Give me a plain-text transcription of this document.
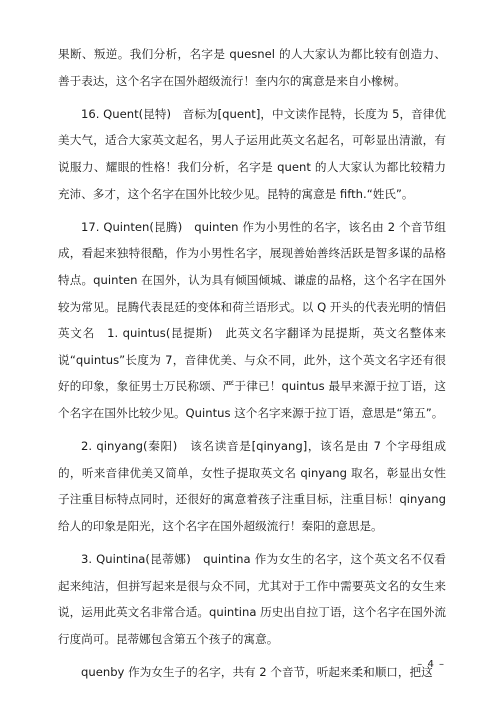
果断、叛逆。我们分析，名字是 quesnel 的人大家认为都比较有创造力、善于表达，这个名字在国外超级流行！奎内尔的寓意是来自小橡树。

16. Quent(昆特)　音标为[quent]，中文读作昆特，长度为 5，音律优美大气，适合大家英文起名，男人子运用此英文名起名，可彰显出清澈，有说服力、耀眼的性格！我们分析，名字是 quent 的人大家认为都比较精力充沛、多才，这个名字在国外比较少见。昆特的寓意是 fifth.“姓氏”。

17. Quinten(昆腾)　quinten 作为小男性的名字，该名由 2 个音节组成，看起来独特很酷，作为小男性名字，展现善始善终活跃是智多谋的品格特点。quinten 在国外，认为具有倾国倾城、谦虚的品格，这个名字在国外较为常见。昆腾代表昆廷的变体和荷兰语形式。以 Q 开头的代表光明的情侣英文名　1. quintus(昆提斯)　此英文名字翻译为昆提斯，英文名整体来说“quintus”长度为 7，音律优美、与众不同，此外，这个英文名字还有很好的印象，象征男士万民称颂、严于律已！quintus 最早来源于拉丁语，这个名字在国外比较少见。Quintus 这个名字来源于拉丁语，意思是“第五”。

2. qinyang(秦阳)　该名读音是[qinyang]，该名是由 7 个字母组成的，听来音律优美又简单，女性子提取英文名 qinyang 取名，彰显出女性子注重目标特点同时，还很好的寓意着孩子注重目标，注重目标！qinyang 给人的印象是阳光，这个名字在国外超级流行！秦阳的意思是。

3. Quintina(昆蒂娜)　quintina 作为女生的名字，这个英文名不仅看起来纯洁，但拼写起来是很与众不同，尤其对于工作中需要英文名的女生来说，运用此英文名非常合适。quintina 历史出自拉丁语，这个名字在国外流行度尚可。昆蒂娜包含第五个孩子的寓意。

quenby 作为女生子的名字，共有 2 个音节，听起来柔和顺口，把这

– 4 –
